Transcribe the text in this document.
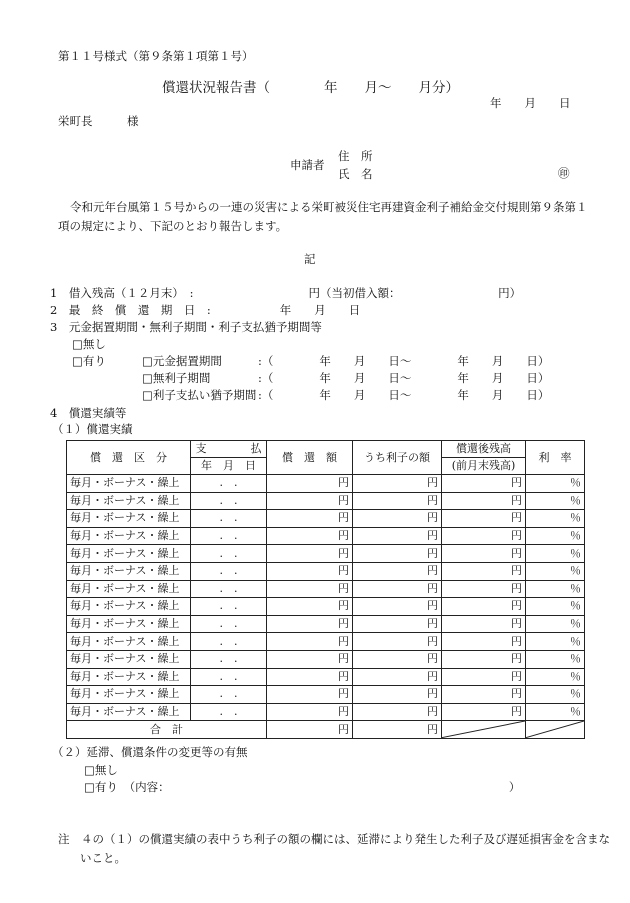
第１１号様式（第９条第１項第１号）
償還状況報告書（　　　　年　　月～　　月分）
年　　月　　日
栄町長　　　様
申請者
住　所
氏　名	㊞
令和元年台風第１５号からの一連の災害による栄町被災住宅再建資金利子補給金交付規則第９条第１項の規定により、下記のとおり報告します。
記
1　借入残高（１２月末）　:　　　　　　　　　　円（当初借入額：　　　　　　　　　円）
2　最　終　償　還　期　日　:　　　　　　年　　月　　日
3　元金据置期間・無利子期間・利子支払猶予期間等
□無し
□有り	□元金据置期間	:（　　　　年　　月　　日～　　　　年　　月　　日）
□無利子期間	:（　　　　年　　月　　日～　　　　年　　月　　日）
□利子支払い猶予期間 :（　　　　年　　月　　日～　　　　年　　月　　日）
4　償還実績等
（１）償還実績
償　還　区　分	支　　　　払	償　還　額	うち利子の額	償還後残高	利　率
	年　月　日			(前月末残高)	
毎月・ボーナス・繰上	.　.	円	円	円	％
毎月・ボーナス・繰上	.　.	円	円	円	％
毎月・ボーナス・繰上	.　.	円	円	円	％
毎月・ボーナス・繰上	.　.	円	円	円	％
毎月・ボーナス・繰上	.　.	円	円	円	％
毎月・ボーナス・繰上	.　.	円	円	円	％
毎月・ボーナス・繰上	.　.	円	円	円	％
毎月・ボーナス・繰上	.　.	円	円	円	％
毎月・ボーナス・繰上	.　.	円	円	円	％
毎月・ボーナス・繰上	.　.	円	円	円	％
毎月・ボーナス・繰上	.　.	円	円	円	％
毎月・ボーナス・繰上	.　.	円	円	円	％
毎月・ボーナス・繰上	.　.	円	円	円	％
毎月・ボーナス・繰上	.　.	円	円	円	％
合　計		円	円	

（２）延滞、償還条件の変更等の有無
□無し
□有り　（内容：　　　　　　　　　　　　　　　　　　　　　　　　　　　　　　）
注　４の（１）の償還実績の表中うち利子の額の欄には、延滞により発生した利子及び遅延損害金を含まないこと。
